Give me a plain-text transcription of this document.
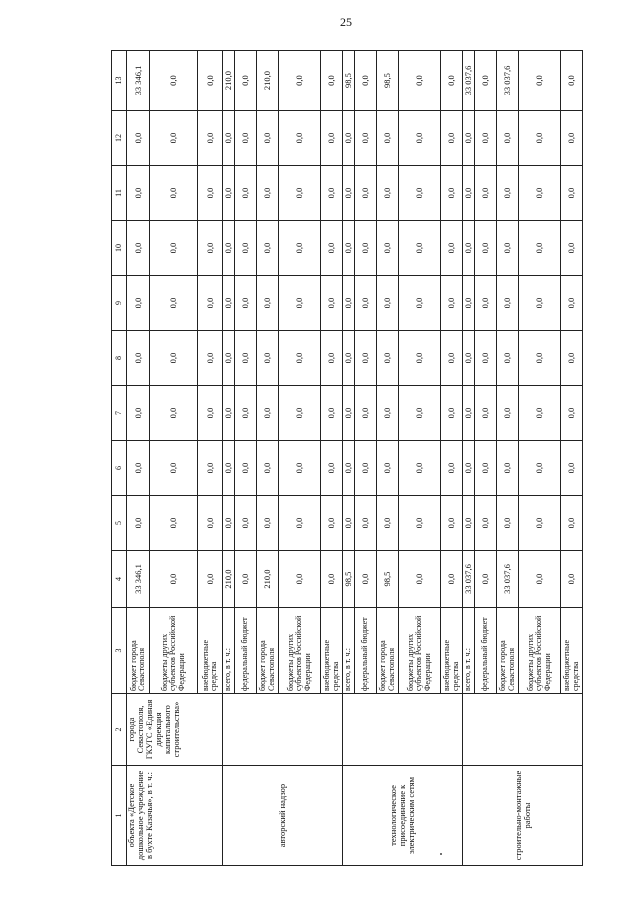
25
1	2	3	4	5	6	7	8	9	10	11	12	13
объекта «Детское дошкольное учреждение в бухте Казачья», в т. ч.:	города Севастополя, ГКУГС «Единая дирекция капитального строительства»	бюджет города Севастополя	33 346,1	0,0	0,0	0,0	0,0	0,0	0,0	0,0	0,0	33 346,1
		бюджеты других субъектов Российской Федерации	0,0	0,0	0,0	0,0	0,0	0,0	0,0	0,0	0,0	0,0
		внебюджетные средства	0,0	0,0	0,0	0,0	0,0	0,0	0,0	0,0	0,0	0,0
авторский надзор		всего, в т. ч.:	210,0	0,0	0,0	0,0	0,0	0,0	0,0	0,0	0,0	210,0
		федеральный бюджет	0,0	0,0	0,0	0,0	0,0	0,0	0,0	0,0	0,0	0,0
		бюджет города Севастополя	210,0	0,0	0,0	0,0	0,0	0,0	0,0	0,0	0,0	210,0
		бюджеты других субъектов Российской Федерации	0,0	0,0	0,0	0,0	0,0	0,0	0,0	0,0	0,0	0,0
		внебюджетные средства	0,0	0,0	0,0	0,0	0,0	0,0	0,0	0,0	0,0	0,0
технологическое присоединение к электрическим сетям		всего, в т. ч.:	98,5	0,0	0,0	0,0	0,0	0,0	0,0	0,0	0,0	98,5
		федеральный бюджет	0,0	0,0	0,0	0,0	0,0	0,0	0,0	0,0	0,0	0,0
		бюджет города Севастополя	98,5	0,0	0,0	0,0	0,0	0,0	0,0	0,0	0,0	98,5
		бюджеты других субъектов Российской Федерации	0,0	0,0	0,0	0,0	0,0	0,0	0,0	0,0	0,0	0,0
		внебюджетные средства	0,0	0,0	0,0	0,0	0,0	0,0	0,0	0,0	0,0	0,0
строительно-монтажные работы		всего, в т. ч.:	33 037,6	0,0	0,0	0,0	0,0	0,0	0,0	0,0	0,0	33 037,6
		федеральный бюджет	0,0	0,0	0,0	0,0	0,0	0,0	0,0	0,0	0,0	0,0
		бюджет города Севастополя	33 037,6	0,0	0,0	0,0	0,0	0,0	0,0	0,0	0,0	33 037,6
		бюджеты других субъектов Российской Федерации	0,0	0,0	0,0	0,0	0,0	0,0	0,0	0,0	0,0	0,0
		внебюджетные средства	0,0	0,0	0,0	0,0	0,0	0,0	0,0	0,0	0,0	0,0
